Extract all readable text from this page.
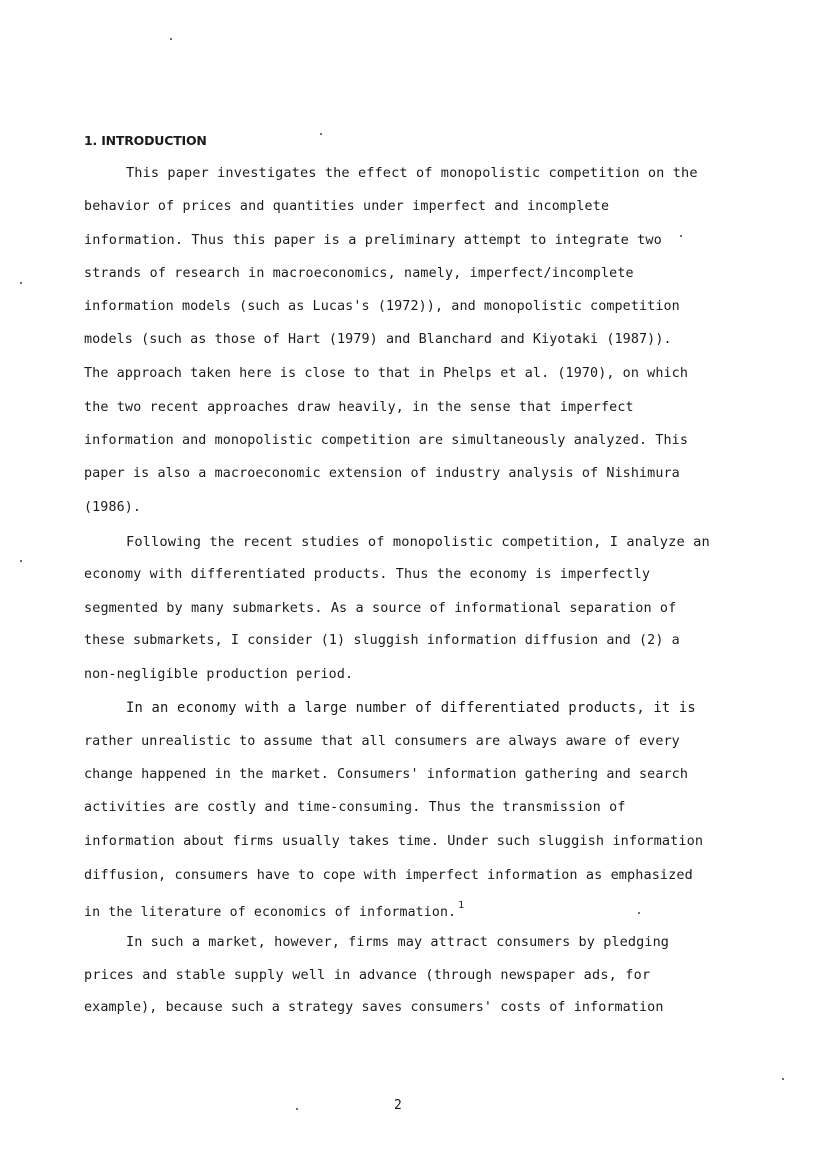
1. INTRODUCTION
This paper investigates the effect of monopolistic competition on the
behavior of prices and quantities under imperfect and incomplete
information. Thus this paper is a preliminary attempt to integrate two
strands of research in macroeconomics, namely, imperfect/incomplete
information models (such as Lucas's (1972)), and monopolistic competition
models (such as those of Hart (1979) and Blanchard and Kiyotaki (1987)).
The approach taken here is close to that in Phelps et al. (1970), on which
the two recent approaches draw heavily, in the sense that imperfect
information and monopolistic competition are simultaneously analyzed. This
paper is also a macroeconomic extension of industry analysis of Nishimura
(1986).
Following the recent studies of monopolistic competition, I analyze an
economy with differentiated products. Thus the economy is imperfectly
segmented by many submarkets. As a source of informational separation of
these submarkets, I consider (1) sluggish information diffusion and (2) a
non-negligible production period.
In an economy with a large number of differentiated products, it is
rather unrealistic to assume that all consumers are always aware of every
change happened in the market. Consumers' information gathering and search
activities are costly and time-consuming. Thus the transmission of
information about firms usually takes time. Under such sluggish information
diffusion, consumers have to cope with imperfect information as emphasized
in the literature of economics of information. $^1$
In such a market, however, firms may attract consumers by pledging
prices and stable supply well in advance (through newspaper ads, for
example), because such a strategy saves consumers' costs of information
2
